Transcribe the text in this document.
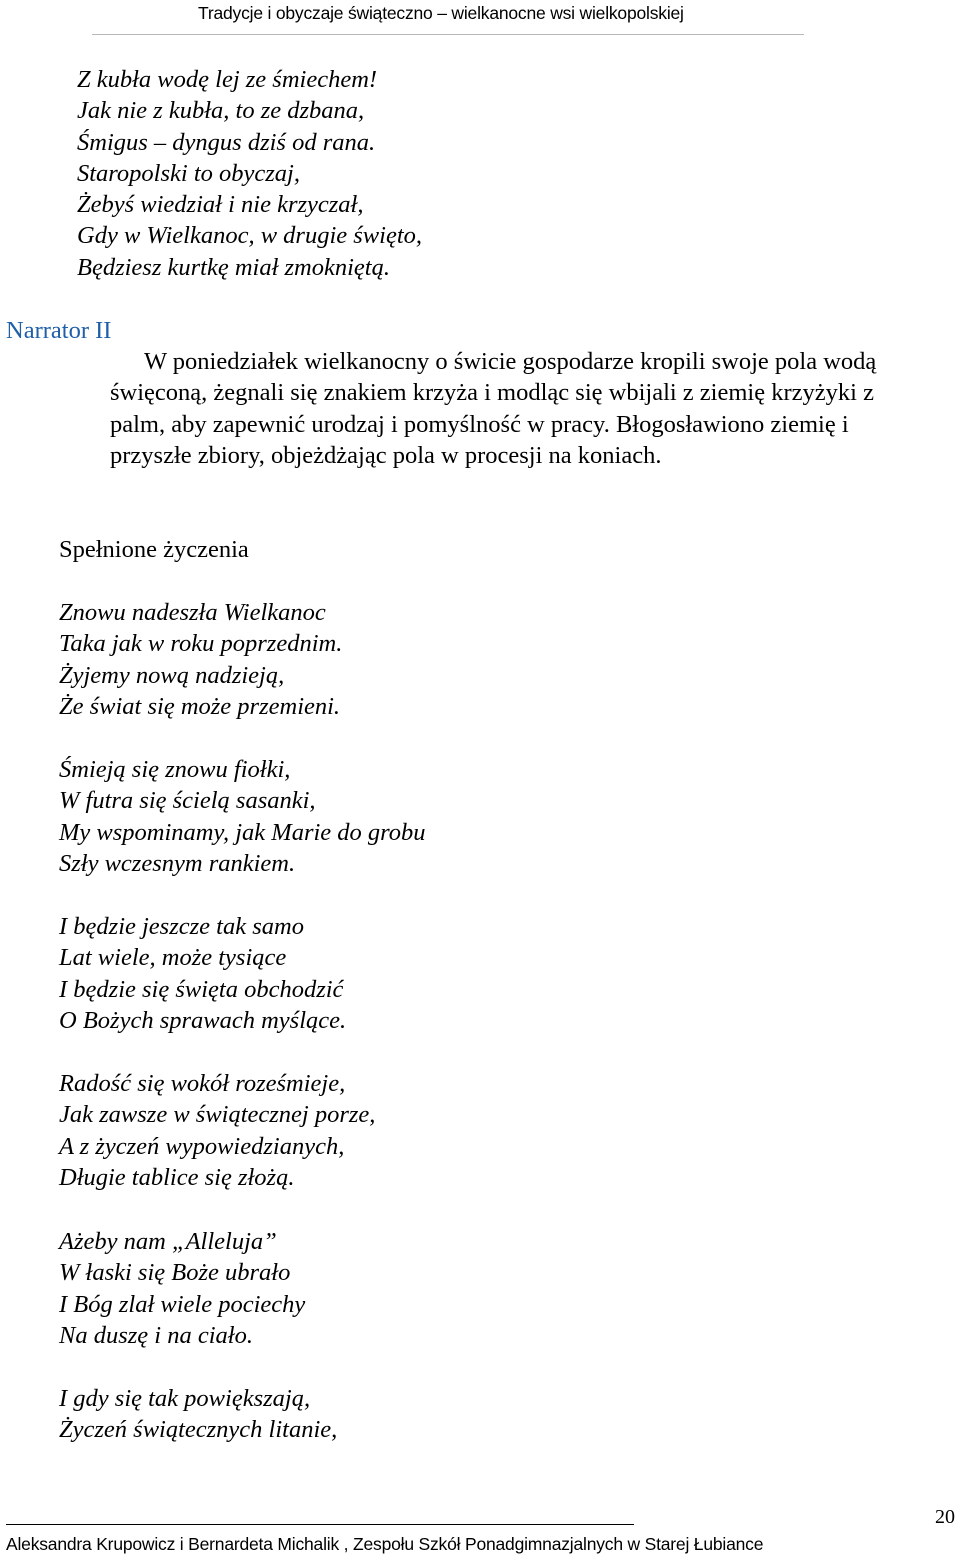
Tradycje i obyczaje świąteczno – wielkanocne wsi wielkopolskiej
Z kubła wodę lej ze śmiechem!
Jak nie z kubła, to ze dzbana,
Śmigus – dyngus dziś od rana.
Staropolski to obyczaj,
Żebyś wiedział i nie krzyczał,
Gdy w Wielkanoc, w drugie święto,
Będziesz kurtkę miał zmokniętą.
Narrator II

W poniedziałek wielkanocny o świcie gospodarze kropili swoje pola wodą święconą, żegnali się znakiem krzyża i modląc się wbijali z ziemię krzyżyki z palm, aby zapewnić urodzaj i pomyślność w pracy. Błogosławiono ziemię i przyszłe zbiory, objeżdżając pola w procesji na koniach.

Spełnione życzenia
Znowu nadeszła Wielkanoc
Taka jak w roku poprzednim.
Żyjemy nową nadzieją,
Że świat się może przemieni.
Śmieją się znowu fiołki,
W futra się ścielą sasanki,
My wspominamy, jak Marie do grobu
Szły wczesnym rankiem.
I będzie jeszcze tak samo
Lat wiele, może tysiące
I będzie się święta obchodzić
O Bożych sprawach myślące.
Radość się wokół roześmieje,
Jak zawsze w świątecznej porze,
A z życzeń wypowiedzianych,
Długie tablice się złożą.
Ażeby nam „Alleluja”
W łaski się Boże ubrało
I Bóg zlał wiele pociechy
Na duszę i na ciało.
I gdy się tak powiększają,
Życzeń świątecznych litanie,
20
Aleksandra Krupowicz i Bernardeta Michalik , Zespołu Szkół Ponadgimnazjalnych w Starej Łubiance
